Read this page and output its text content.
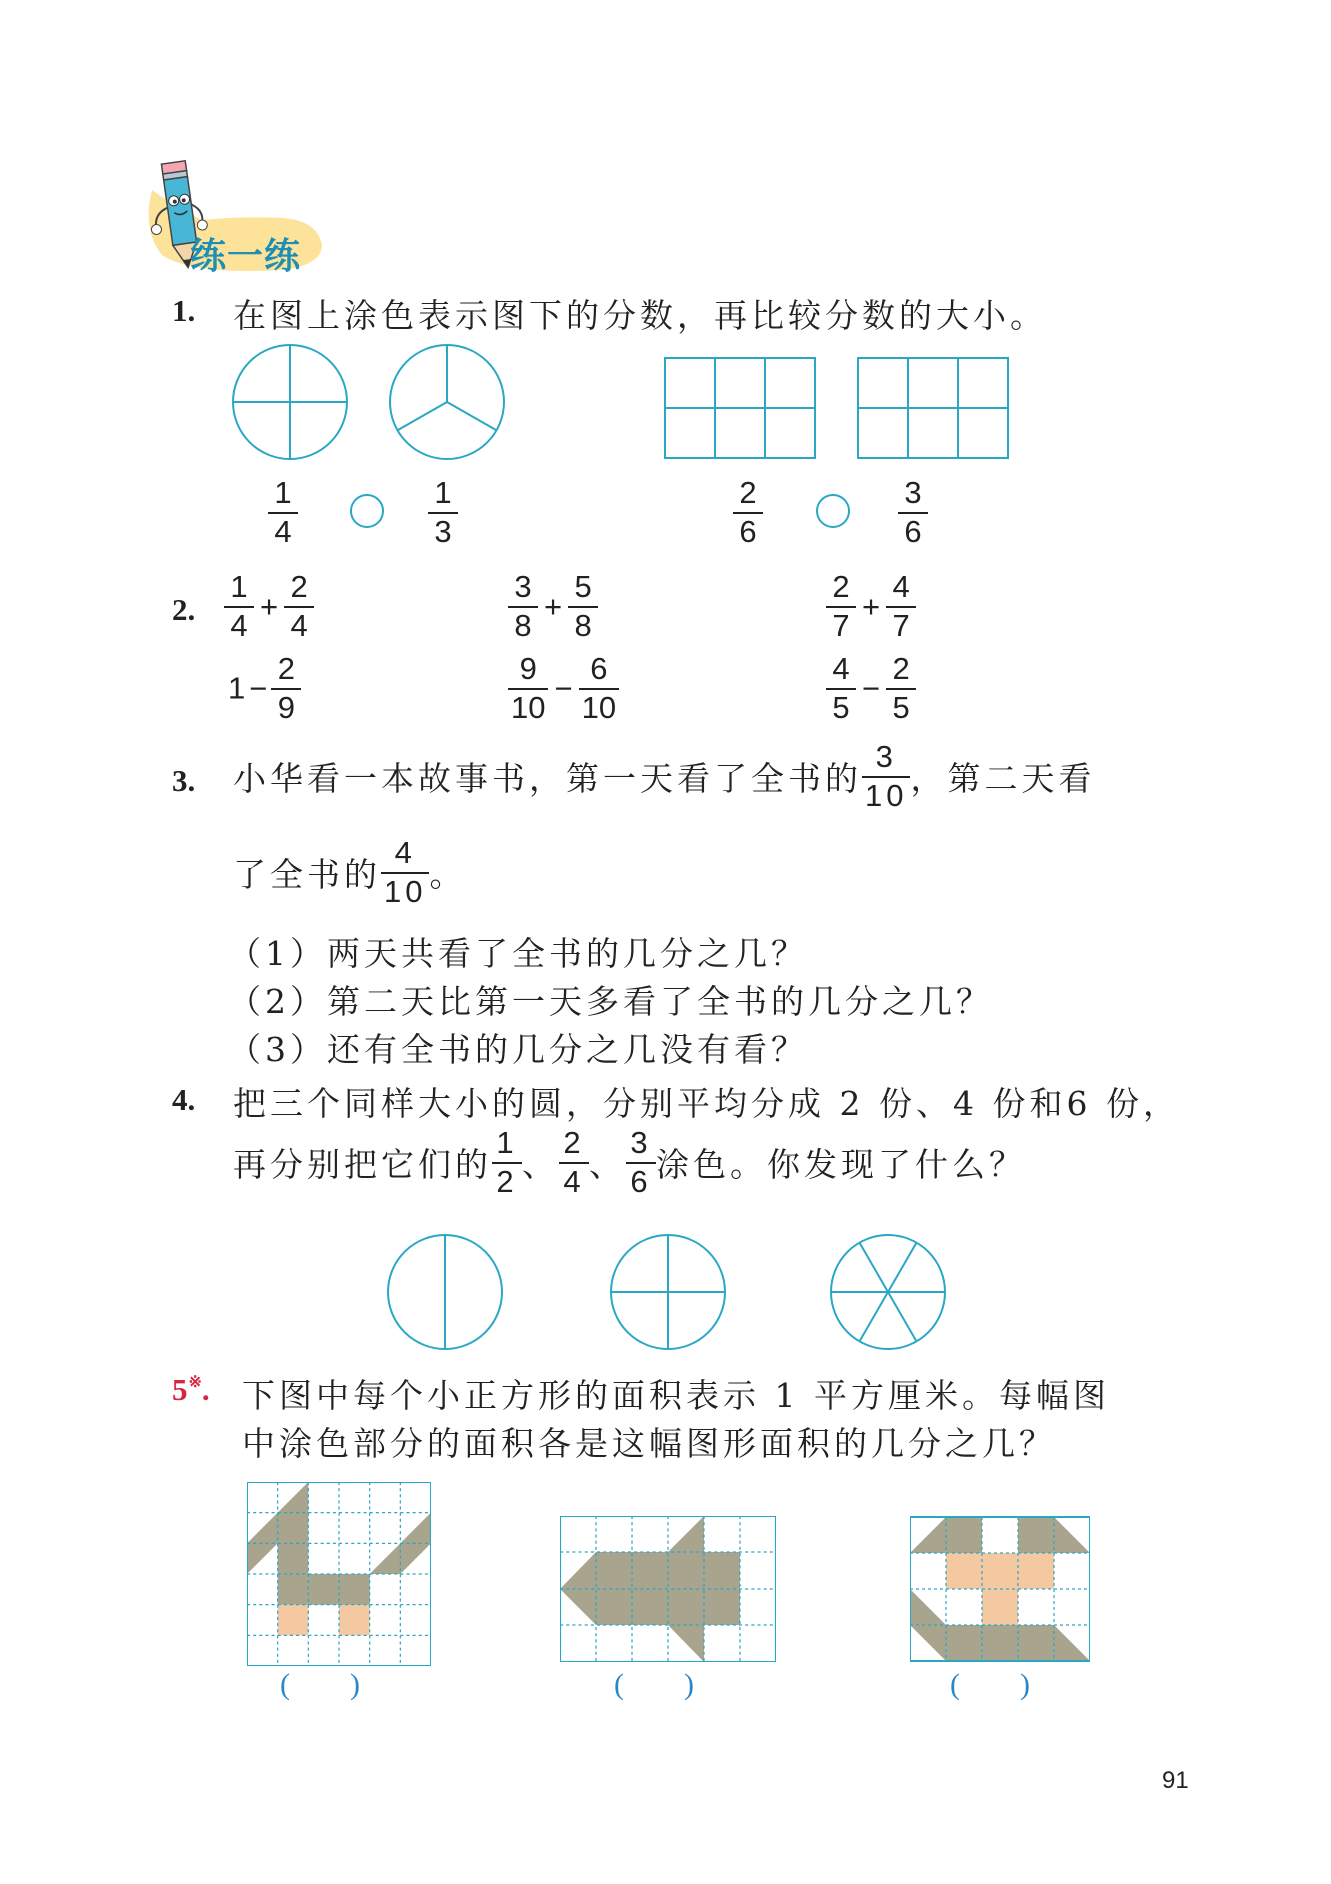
练一练
1. 在图上涂色表示图下的分数，再比较分数的大小。
$\frac{1}{4}$	$\frac{1}{3}$	$\frac{2}{6}$	$\frac{3}{6}$
2. $\frac{1}{4} + \frac{2}{4}$	$\frac{3}{8} + \frac{5}{8}$	$\frac{2}{7} + \frac{4}{7}$
$1 - \frac{2}{9}$	$\frac{9}{10} - \frac{6}{10}$	$\frac{4}{5} - \frac{2}{5}$
3. 小华看一本故事书，第一天看了全书的 $\frac{3}{10}$ ，第二天看
了全书的 $\frac{4}{10}$ 。
（1）两天共看了全书的几分之几？
（2）第二天比第一天多看了全书的几分之几？
（3）还有全书的几分之几没有看？
4. 把三个同样大小的圆，分别平均分成 2 份、4 份和6 份，
再分别把它们的 $\frac{1}{2}$ 、 $\frac{2}{4}$ 、 $\frac{3}{6}$ 涂色。你发现了什么？
5※. 下图中每个小正方形的面积表示 1 平方厘米。每幅图
中涂色部分的面积各是这幅图形面积的几分之几？
(        )	(        )	(        )
91
